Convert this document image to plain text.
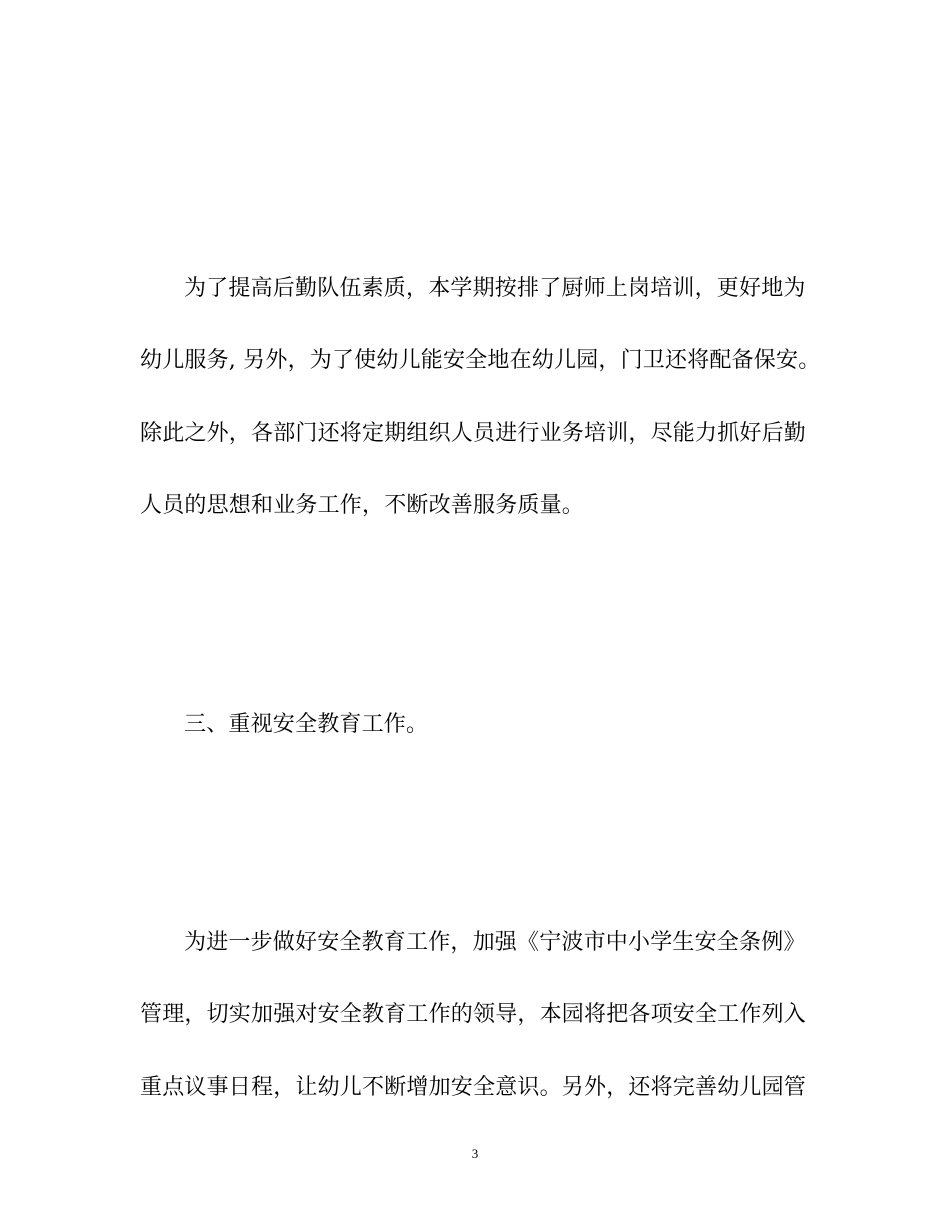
为了提高后勤队伍素质，本学期按排了厨师上岗培训，更好地为
幼儿服务, 另外，为了使幼儿能安全地在幼儿园，门卫还将配备保安。
除此之外，各部门还将定期组织人员进行业务培训，尽能力抓好后勤
人员的思想和业务工作，不断改善服务质量。
三、重视安全教育工作。
为进一步做好安全教育工作，加强《宁波市中小学生安全条例》
管理，切实加强对安全教育工作的领导，本园将把各项安全工作列入
重点议事日程，让幼儿不断增加安全意识。另外，还将完善幼儿园管
3
